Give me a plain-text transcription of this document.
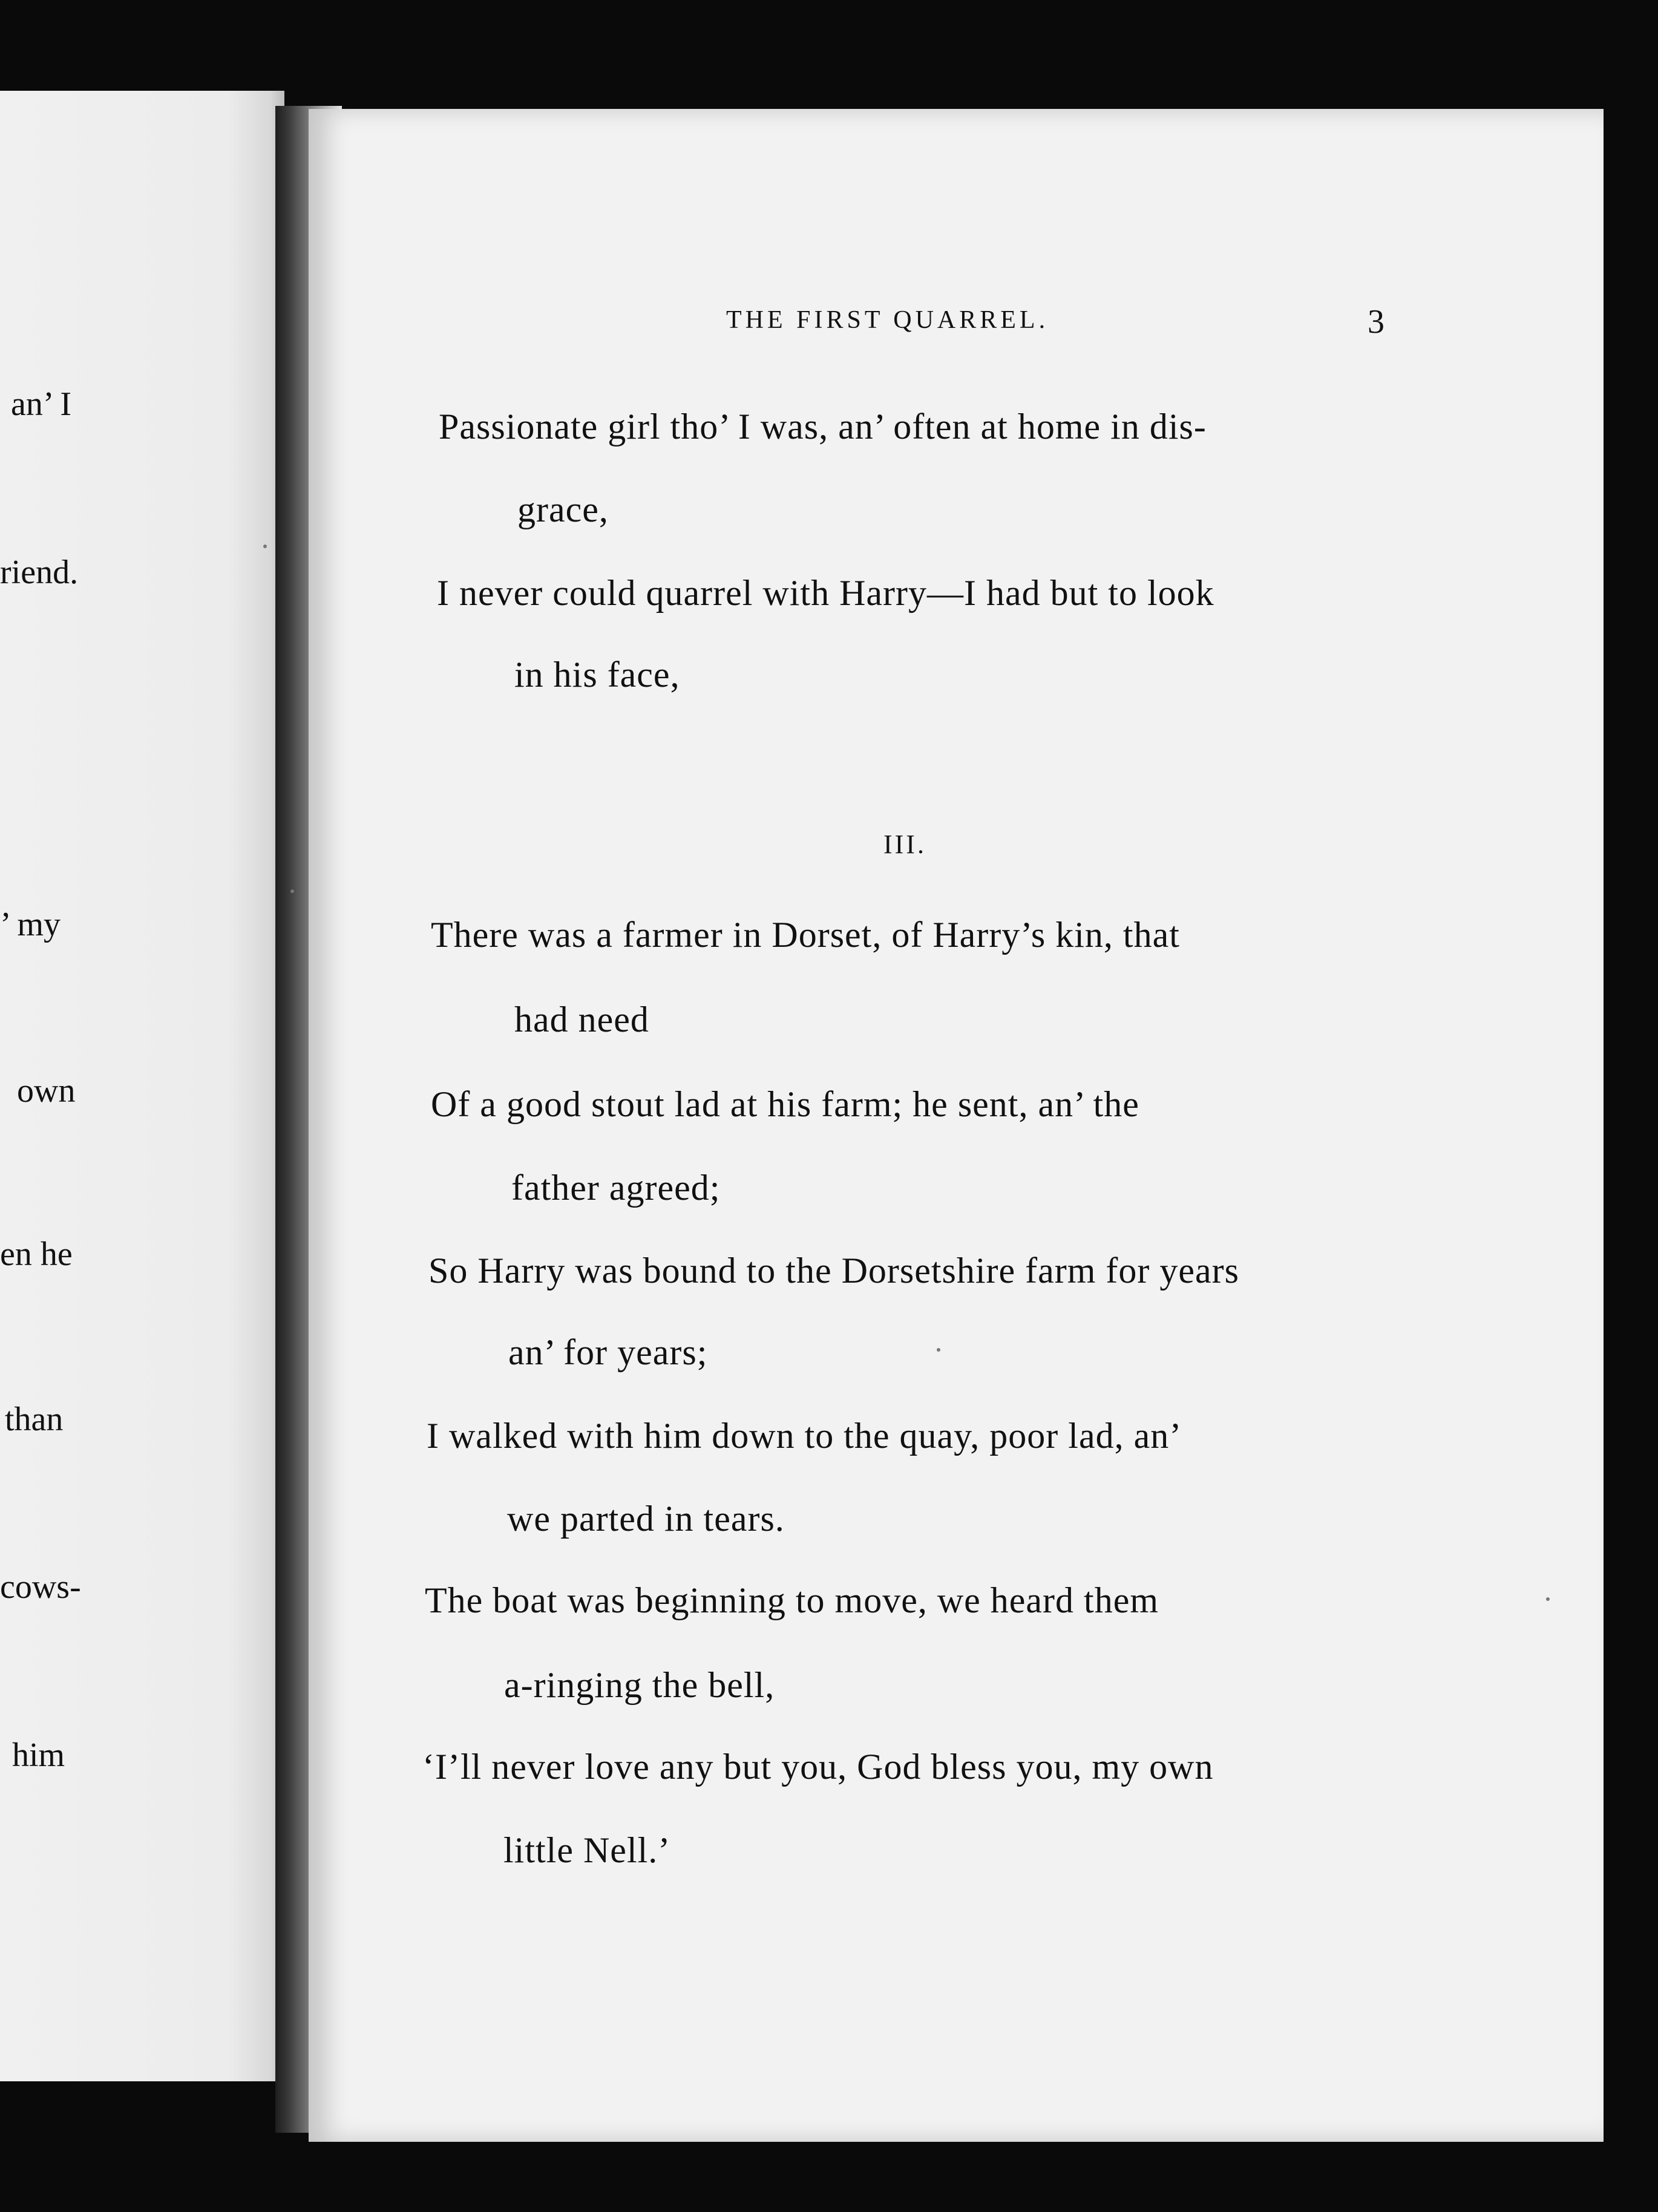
an’ I
riend.
’ my
own
en he
than
cows-
him
THE FIRST QUARREL.	3
Passionate girl tho’ I was, an’ often at home in dis-
grace,
I never could quarrel with Harry—I had but to look
in his face,
III.
There was a farmer in Dorset, of Harry’s kin, that
had need
Of a good stout lad at his farm; he sent, an’ the
father agreed;
So Harry was bound to the Dorsetshire farm for years
an’ for years;
I walked with him down to the quay, poor lad, an’
we parted in tears.
The boat was beginning to move, we heard them
a-ringing the bell,
‘I’ll never love any but you, God bless you, my own
little Nell.’
